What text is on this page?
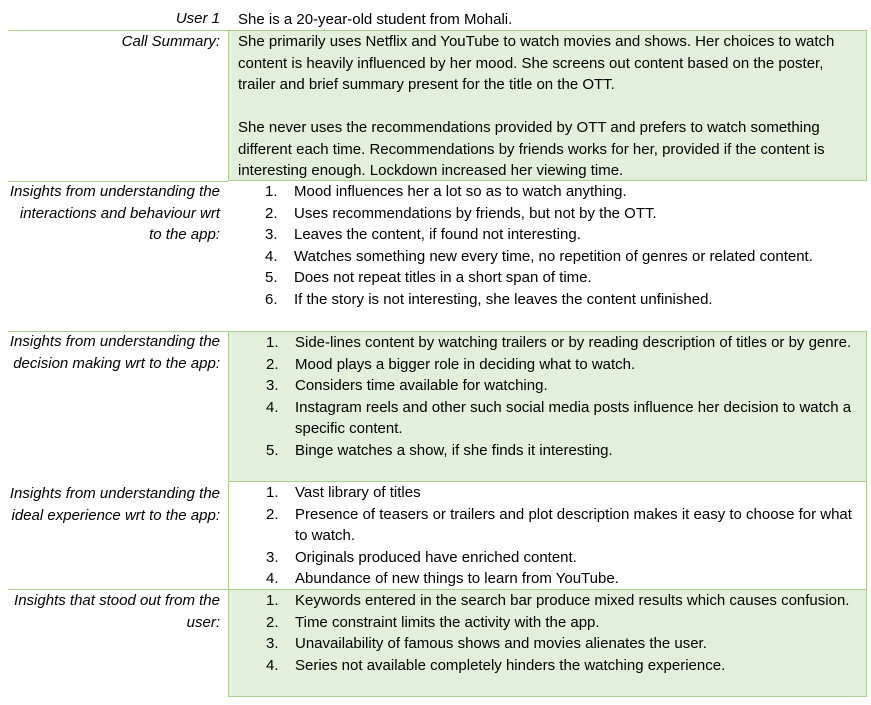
User 1	She is a 20-year-old student from Mohali.
Call Summary: She primarily uses Netflix and YouTube to watch movies and shows. Her choices to watch content is heavily influenced by her mood. She screens out content based on the poster, trailer and brief summary present for the title on the OTT.

She never uses the recommendations provided by OTT and prefers to watch something different each time. Recommendations by friends works for her, provided if the content is interesting enough. Lockdown increased her viewing time.

Insights from understanding the interactions and behaviour wrt to the app:
1. Mood influences her a lot so as to watch anything.
2. Uses recommendations by friends, but not by the OTT.
3. Leaves the content, if found not interesting.
4. Watches something new every time, no repetition of genres or related content.
5. Does not repeat titles in a short span of time.
6. If the story is not interesting, she leaves the content unfinished.
Insights from understanding the decision making wrt to the app:
1. Side-lines content by watching trailers or by reading description of titles or by genre.
2. Mood plays a bigger role in deciding what to watch.
3. Considers time available for watching.
4. Instagram reels and other such social media posts influence her decision to watch a specific content.
5. Binge watches a show, if she finds it interesting.
Insights from understanding the ideal experience wrt to the app:
1. Vast library of titles
2. Presence of teasers or trailers and plot description makes it easy to choose for what to watch.
3. Originals produced have enriched content.
4. Abundance of new things to learn from YouTube.
Insights that stood out from the user:
1. Keywords entered in the search bar produce mixed results which causes confusion.
2. Time constraint limits the activity with the app.
3. Unavailability of famous shows and movies alienates the user.
4. Series not available completely hinders the watching experience.
